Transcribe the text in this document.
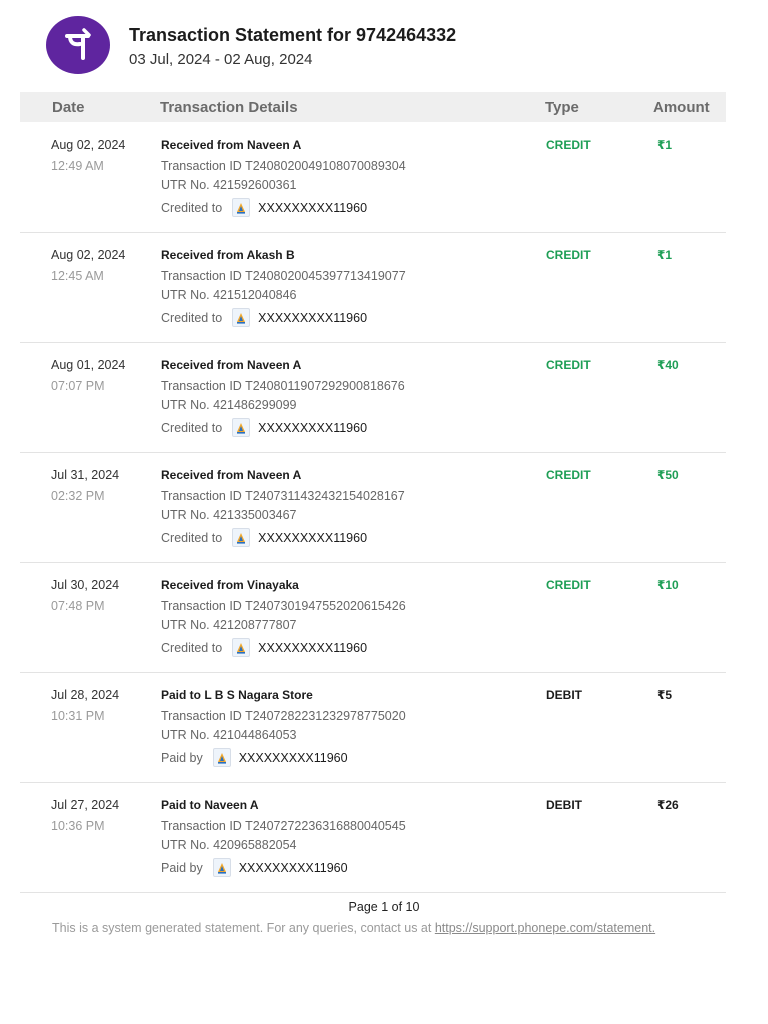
Transaction Statement for 9742464332
03 Jul, 2024 - 02 Aug, 2024
Date	Transaction Details	Type	Amount
Aug 02, 2024
12:49 AM
Received from Naveen A
Transaction ID T2408020049108070089304
UTR No. 421592600361
Credited to	XXXXXXXXX11960
CREDIT	₹1
Aug 02, 2024
12:45 AM
Received from Akash B
Transaction ID T2408020045397713419077
UTR No. 421512040846
Credited to	XXXXXXXXX11960
CREDIT	₹1
Aug 01, 2024
07:07 PM
Received from Naveen A
Transaction ID T2408011907292900818676
UTR No. 421486299099
Credited to	XXXXXXXXX11960
CREDIT	₹40
Jul 31, 2024
02:32 PM
Received from Naveen A
Transaction ID T2407311432432154028167
UTR No. 421335003467
Credited to	XXXXXXXXX11960
CREDIT	₹50
Jul 30, 2024
07:48 PM
Received from Vinayaka
Transaction ID T2407301947552020615426
UTR No. 421208777807
Credited to	XXXXXXXXX11960
CREDIT	₹10
Jul 28, 2024
10:31 PM
Paid to L B S Nagara Store
Transaction ID T2407282231232978775020
UTR No. 421044864053
Paid by	XXXXXXXXX11960
DEBIT	₹5
Jul 27, 2024
10:36 PM
Paid to Naveen A
Transaction ID T2407272236316880040545
UTR No. 420965882054
Paid by	XXXXXXXXX11960
DEBIT	₹26
Page 1 of 10
This is a system generated statement. For any queries, contact us at https://support.phonepe.com/statement.
